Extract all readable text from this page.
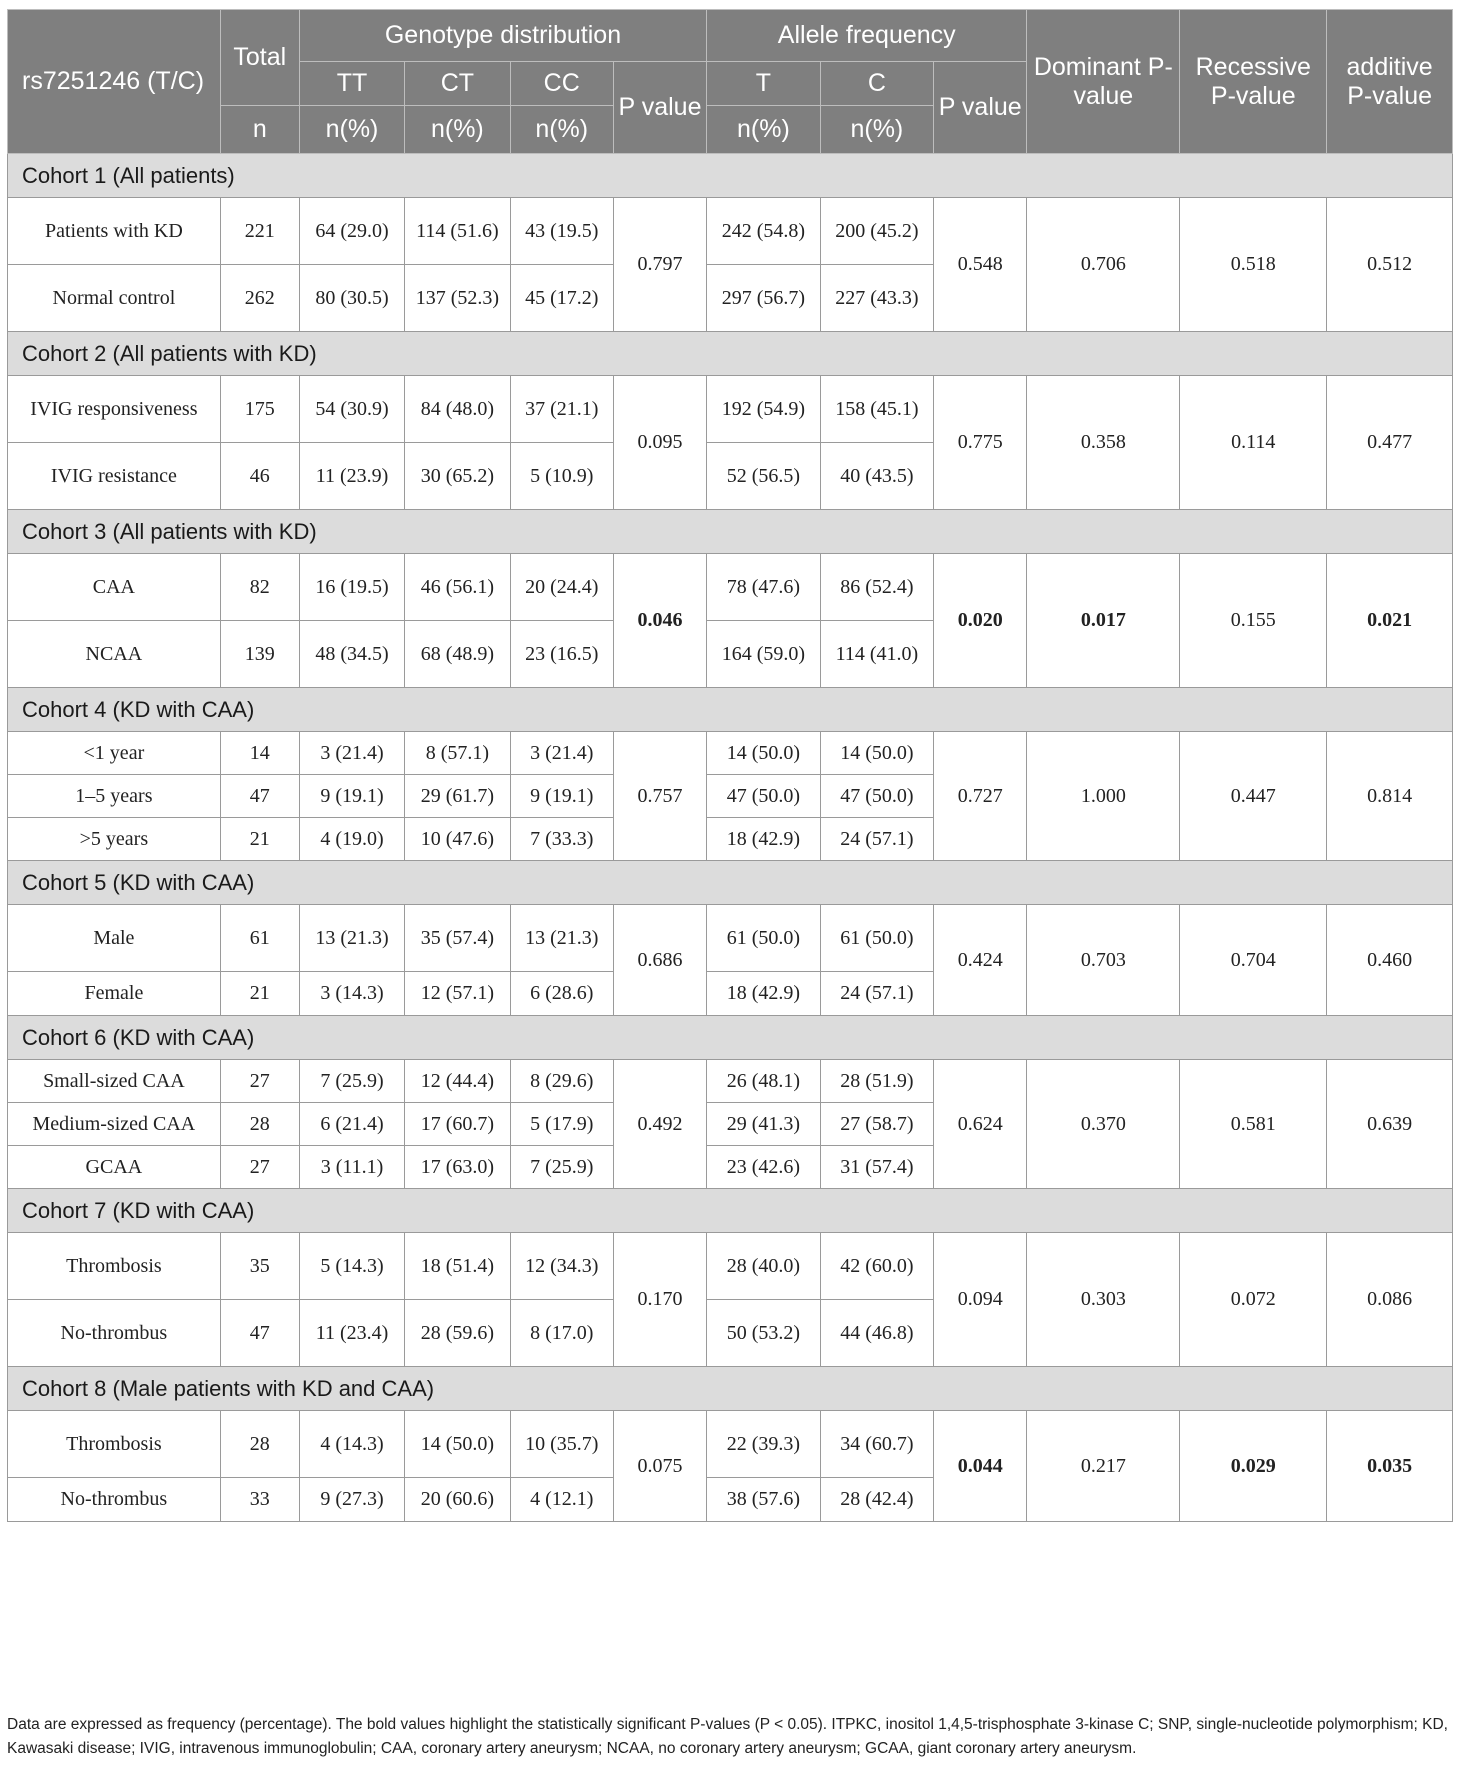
rs7251246 (T/C)	Total	Genotype distribution				Allele frequency			Dominant P-value	Recessive P-value	additive P-value
		TT	CT	CC	P value	T	C	P value			
	n	n(%)	n(%)	n(%)		n(%)	n(%)				
Cohort 1 (All patients)											
Patients with KD	221	64 (29.0)	114 (51.6)	43 (19.5)	0.797	242 (54.8)	200 (45.2)	0.548	0.706	0.518	0.512
Normal control	262	80 (30.5)	137 (52.3)	45 (17.2)		297 (56.7)	227 (43.3)				
Cohort 2 (All patients with KD)											
IVIG responsiveness	175	54 (30.9)	84 (48.0)	37 (21.1)	0.095	192 (54.9)	158 (45.1)	0.775	0.358	0.114	0.477
IVIG resistance	46	11 (23.9)	30 (65.2)	5 (10.9)		52 (56.5)	40 (43.5)				
Cohort 3 (All patients with KD)											
CAA	82	16 (19.5)	46 (56.1)	20 (24.4)	0.046	78 (47.6)	86 (52.4)	0.020	0.017	0.155	0.021
NCAA	139	48 (34.5)	68 (48.9)	23 (16.5)		164 (59.0)	114 (41.0)				
Cohort 4 (KD with CAA)											
<1 year	14	3 (21.4)	8 (57.1)	3 (21.4)	0.757	14 (50.0)	14 (50.0)	0.727	1.000	0.447	0.814
1–5 years	47	9 (19.1)	29 (61.7)	9 (19.1)		47 (50.0)	47 (50.0)				
>5 years	21	4 (19.0)	10 (47.6)	7 (33.3)		18 (42.9)	24 (57.1)				
Cohort 5 (KD with CAA)											
Male	61	13 (21.3)	35 (57.4)	13 (21.3)	0.686	61 (50.0)	61 (50.0)	0.424	0.703	0.704	0.460
Female	21	3 (14.3)	12 (57.1)	6 (28.6)		18 (42.9)	24 (57.1)				
Cohort 6 (KD with CAA)											
Small-sized CAA	27	7 (25.9)	12 (44.4)	8 (29.6)	0.492	26 (48.1)	28 (51.9)	0.624	0.370	0.581	0.639
Medium-sized CAA	28	6 (21.4)	17 (60.7)	5 (17.9)		29 (41.3)	27 (58.7)				
GCAA	27	3 (11.1)	17 (63.0)	7 (25.9)		23 (42.6)	31 (57.4)				
Cohort 7 (KD with CAA)											
Thrombosis	35	5 (14.3)	18 (51.4)	12 (34.3)	0.170	28 (40.0)	42 (60.0)	0.094	0.303	0.072	0.086
No-thrombus	47	11 (23.4)	28 (59.6)	8 (17.0)		50 (53.2)	44 (46.8)				
Cohort 8 (Male patients with KD and CAA)											
Thrombosis	28	4 (14.3)	14 (50.0)	10 (35.7)	0.075	22 (39.3)	34 (60.7)	0.044	0.217	0.029	0.035
No-thrombus	33	9 (27.3)	20 (60.6)	4 (12.1)		38 (57.6)	28 (42.4)				
Data are expressed as frequency (percentage). The bold values highlight the statistically significant P-values (P < 0.05). ITPKC, inositol 1,4,5-trisphosphate 3-kinase C; SNP, single-nucleotide polymorphism; KD, Kawasaki disease; IVIG, intravenous immunoglobulin; CAA, coronary artery aneurysm; NCAA, no coronary artery aneurysm; GCAA, giant coronary artery aneurysm.
